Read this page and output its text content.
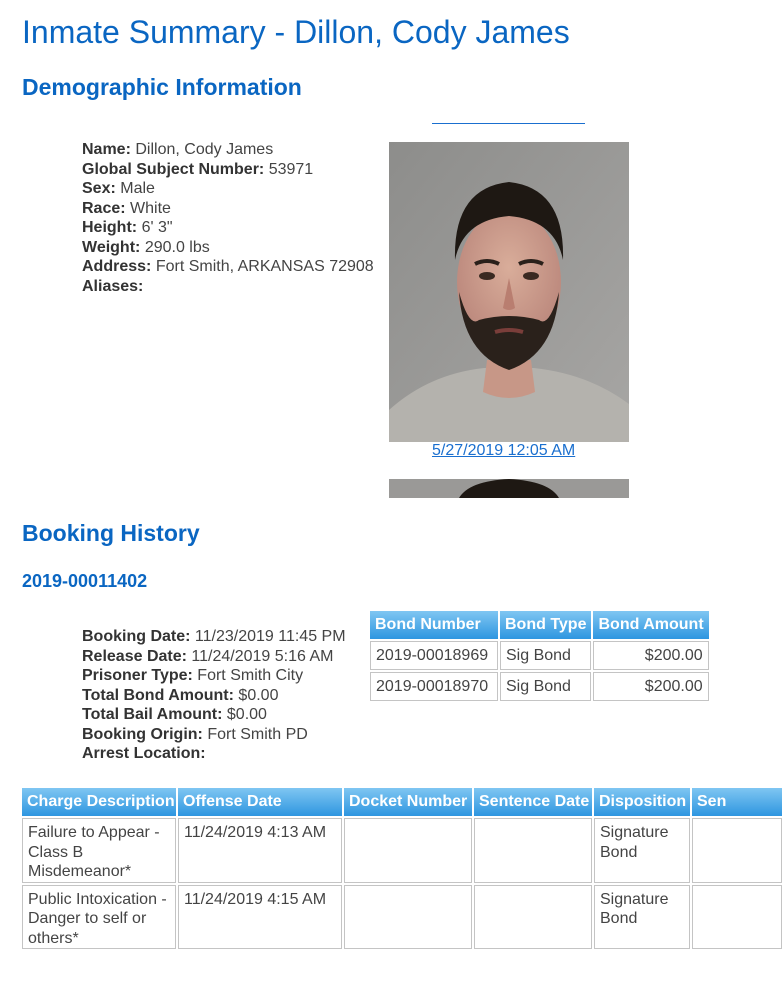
Inmate Summary - Dillon, Cody James
Demographic Information
Name: Dillon, Cody James
Global Subject Number: 53971
Sex: Male
Race: White
Height: 6' 3"
Weight: 290.0 lbs
Address: Fort Smith, ARKANSAS 72908
Aliases:
5/27/2019 12:05 AM
Booking History
2019-00011402
Booking Date: 11/23/2019 11:45 PM
Release Date: 11/24/2019 5:16 AM
Prisoner Type: Fort Smith City
Total Bond Amount: $0.00
Total Bail Amount: $0.00
Booking Origin: Fort Smith PD
Arrest Location:
Bond Number	Bond Type	Bond Amount
2019-00018969	Sig Bond	$200.00
2019-00018970	Sig Bond	$200.00
Charge Description	Offense Date	Docket Number	Sentence Date	Disposition	Sen
Failure to Appear - Class B Misdemeanor*	11/24/2019 4:13 AM			Signature Bond	
Public Intoxication - Danger to self or others*	11/24/2019 4:15 AM			Signature Bond	
